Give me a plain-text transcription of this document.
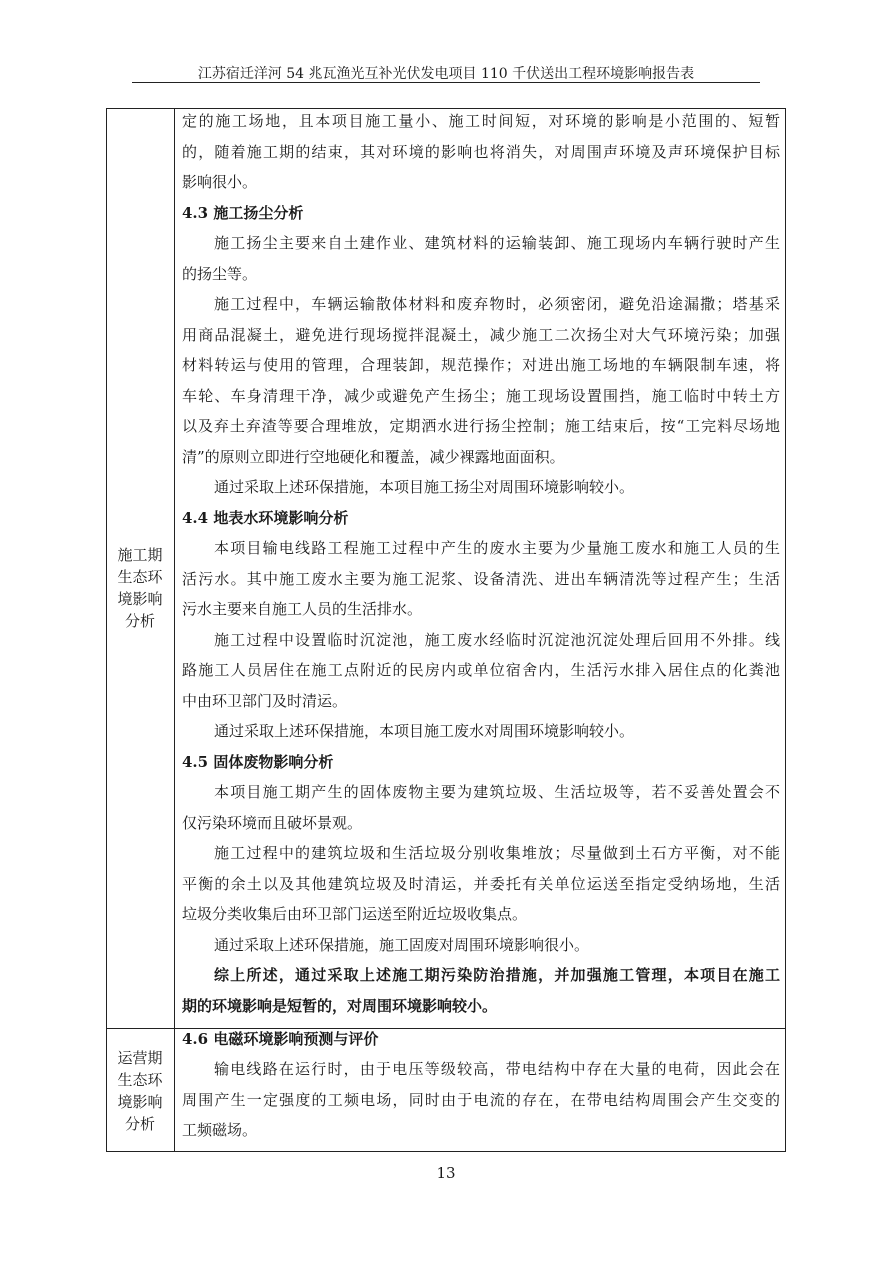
江苏宿迁洋河 54 兆瓦渔光互补光伏发电项目 110 千伏送出工程环境影响报告表
施工期
生态环
境影响
分析
运营期
生态环
境影响
分析
定的施工场地，且本项目施工量小、施工时间短，对环境的影响是小范围的、短暂
的，随着施工期的结束，其对环境的影响也将消失，对周围声环境及声环境保护目标
影响很小。
4.3 施工扬尘分析
施工扬尘主要来自土建作业、建筑材料的运输装卸、施工现场内车辆行驶时产生
的扬尘等。
施工过程中，车辆运输散体材料和废弃物时，必须密闭，避免沿途漏撒；塔基采
用商品混凝土，避免进行现场搅拌混凝土，减少施工二次扬尘对大气环境污染；加强
材料转运与使用的管理，合理装卸，规范操作；对进出施工场地的车辆限制车速，将
车轮、车身清理干净，减少或避免产生扬尘；施工现场设置围挡，施工临时中转土方
以及弃土弃渣等要合理堆放，定期洒水进行扬尘控制；施工结束后，按“工完料尽场地
清”的原则立即进行空地硬化和覆盖，减少裸露地面面积。
通过采取上述环保措施，本项目施工扬尘对周围环境影响较小。
4.4 地表水环境影响分析
本项目输电线路工程施工过程中产生的废水主要为少量施工废水和施工人员的生
活污水。其中施工废水主要为施工泥浆、设备清洗、进出车辆清洗等过程产生；生活
污水主要来自施工人员的生活排水。
施工过程中设置临时沉淀池，施工废水经临时沉淀池沉淀处理后回用不外排。线
路施工人员居住在施工点附近的民房内或单位宿舍内，生活污水排入居住点的化粪池
中由环卫部门及时清运。
通过采取上述环保措施，本项目施工废水对周围环境影响较小。
4.5 固体废物影响分析
本项目施工期产生的固体废物主要为建筑垃圾、生活垃圾等，若不妥善处置会不
仅污染环境而且破坏景观。
施工过程中的建筑垃圾和生活垃圾分别收集堆放；尽量做到土石方平衡，对不能
平衡的余土以及其他建筑垃圾及时清运，并委托有关单位运送至指定受纳场地，生活
垃圾分类收集后由环卫部门运送至附近垃圾收集点。
通过采取上述环保措施，施工固废对周围环境影响很小。
综上所述，通过采取上述施工期污染防治措施，并加强施工管理，本项目在施工
期的环境影响是短暂的，对周围环境影响较小。
4.6 电磁环境影响预测与评价
输电线路在运行时，由于电压等级较高，带电结构中存在大量的电荷，因此会在
周围产生一定强度的工频电场，同时由于电流的存在，在带电结构周围会产生交变的
工频磁场。
13
